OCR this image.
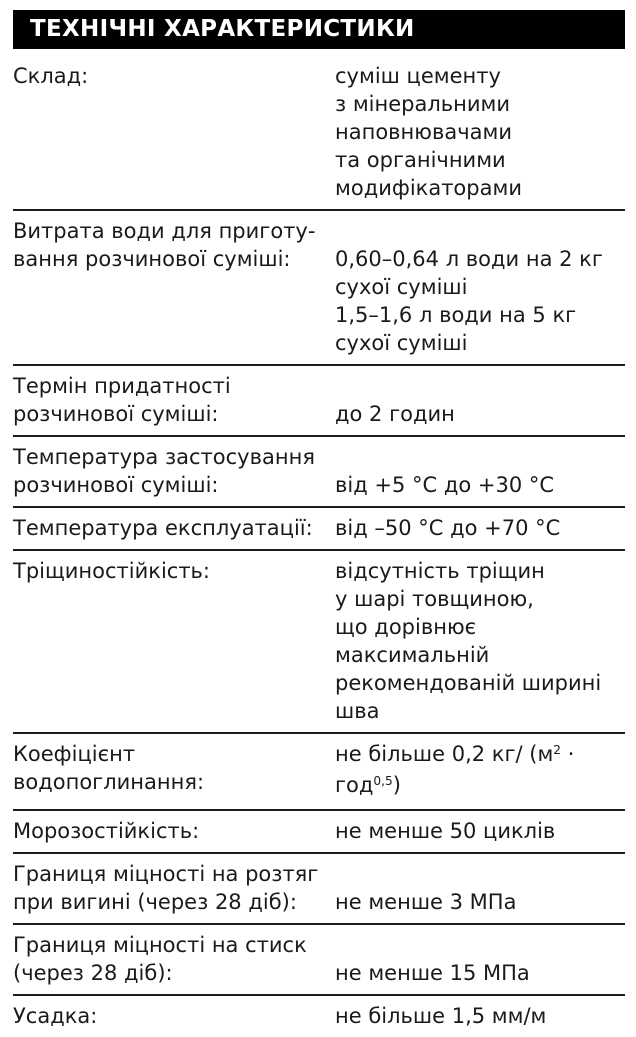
ТЕХНІЧНІ ХАРАКТЕРИСТИКИ
Склад:	суміш цементу
з мінеральними
наповнювачами
та органічними
модифікаторами
Витрата води для приготу-
вання розчинової суміші:	0,60–0,64 л води на 2 кг
сухої суміші
1,5–1,6 л води на 5 кг
сухої суміші
Термін придатності
розчинової суміші:	до 2 годин
Температура застосування
розчинової суміші:	від +5 °C до +30 °C
Температура експлуатації:	від –50 °C до +70 °C
Тріщиностійкість:	відсутність тріщин
у шарі товщиною,
що дорівнює максимальній
рекомендованій ширині
шва
Коефіцієнт водопоглинання:
не більше 0,2 кг/ $(м^2 \cdot год^{0,5})$
Морозостійкість:	не менше 50 циклів
Границя міцності на розтяг
при вигині (через 28 діб):	не менше 3 МПа
Границя міцності на стиск
(через 28 діб):	не менше 15 МПа
Усадка:	не більше 1,5 мм/м
